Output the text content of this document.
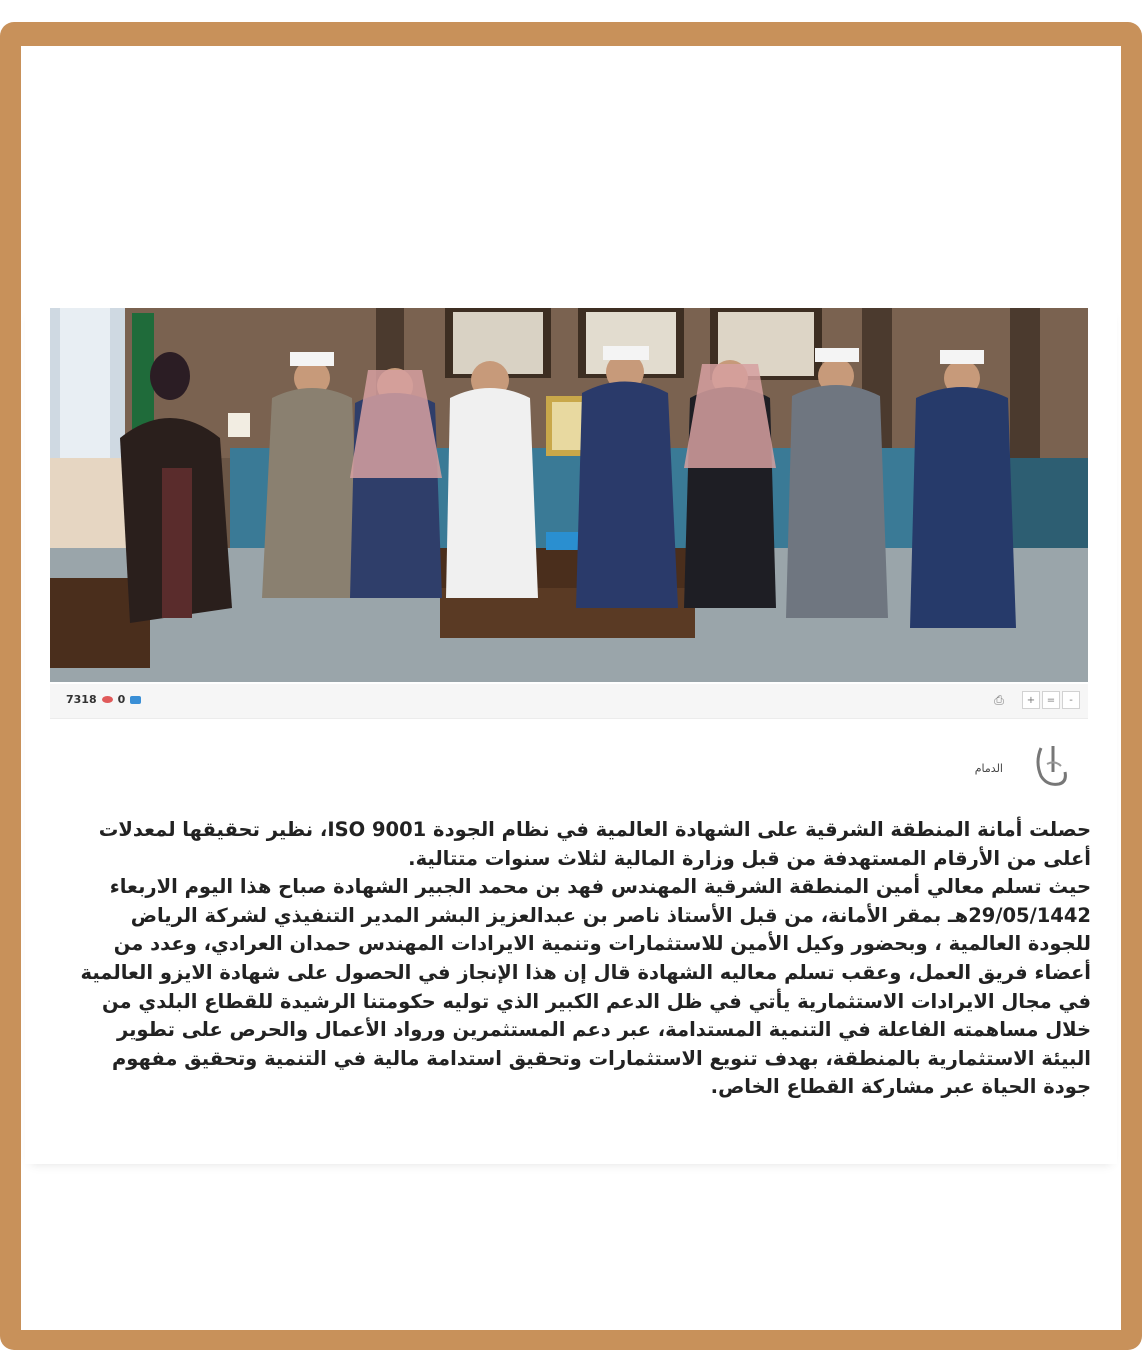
7318 0	⎙	+	=	-
الدمام

حصلت أمانة المنطقة الشرقية على الشهادة العالمية في نظام الجودة ISO 9001، نظير تحقيقها لمعدلات أعلى من الأرقام المستهدفة من قبل وزارة المالية لثلاث سنوات متتالية.

حيث تسلم معالي أمين المنطقة الشرقية المهندس فهد بن محمد الجبير الشهادة صباح هذا اليوم الاربعاء 29/05/1442هـ بمقر الأمانة، من قبل الأستاذ ناصر بن عبدالعزيز البشر المدير التنفيذي لشركة الرياض للجودة العالمية ، وبحضور وكيل الأمين للاستثمارات وتنمية الايرادات المهندس حمدان العرادي، وعدد من أعضاء فريق العمل، وعقب تسلم معاليه الشهادة قال إن هذا الإنجاز في الحصول على شهادة الايزو العالمية في مجال الايرادات الاستثمارية يأتي في ظل الدعم الكبير الذي توليه حكومتنا الرشيدة للقطاع البلدي من خلال مساهمته الفاعلة في التنمية المستدامة، عبر دعم المستثمرين ورواد الأعمال والحرص على تطوير البيئة الاستثمارية بالمنطقة، بهدف تنويع الاستثمارات وتحقيق استدامة مالية في التنمية وتحقيق مفهوم جودة الحياة عبر مشاركة القطاع الخاص.
